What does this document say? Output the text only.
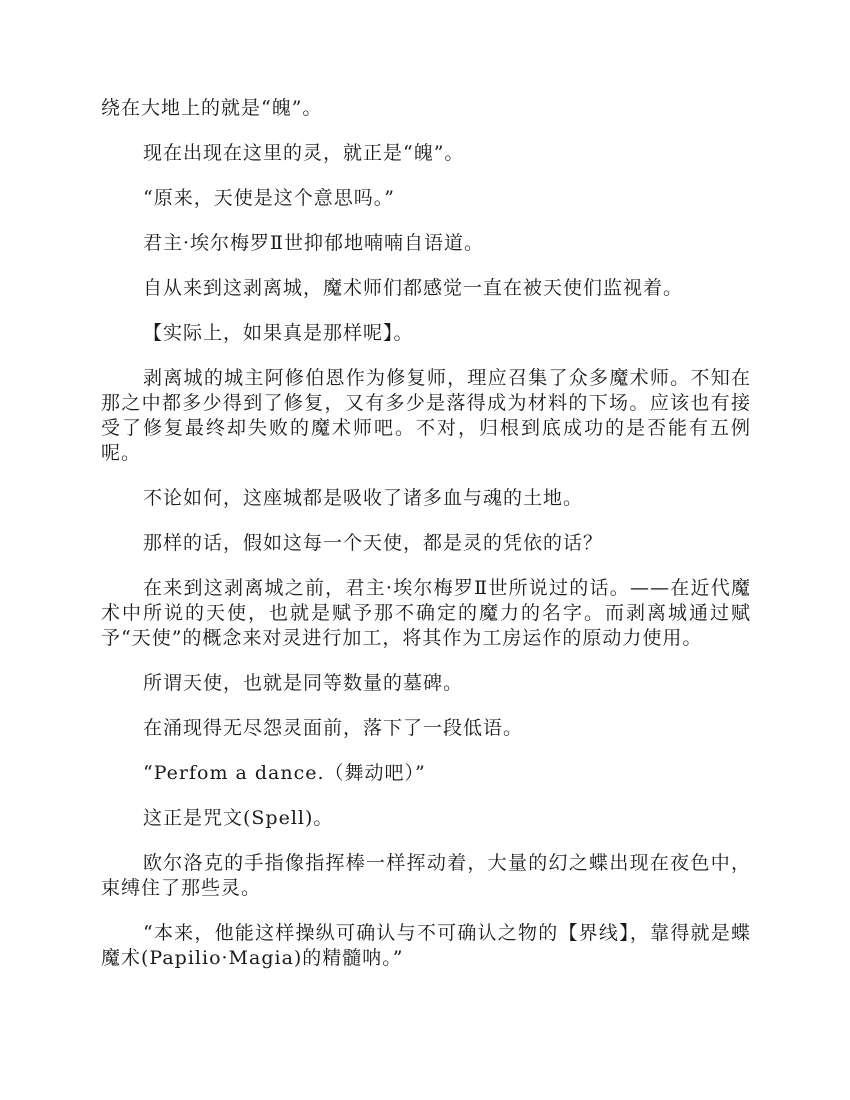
绕在大地上的就是“魄”。

现在出现在这里的灵，就正是“魄”。

“原来，天使是这个意思吗。”

君主·埃尔梅罗Ⅱ世抑郁地喃喃自语道。

自从来到这剥离城，魔术师们都感觉一直在被天使们监视着。

【实际上，如果真是那样呢】。

剥离城的城主阿修伯恩作为修复师，理应召集了众多魔术师。不知在那之中都多少得到了修复，又有多少是落得成为材料的下场。应该也有接受了修复最终却失败的魔术师吧。不对，归根到底成功的是否能有五例呢。

不论如何，这座城都是吸收了诸多血与魂的土地。

那样的话，假如这每一个天使，都是灵的凭依的话？

在来到这剥离城之前，君主·埃尔梅罗Ⅱ世所说过的话。——在近代魔术中所说的天使，也就是赋予那不确定的魔力的名字。而剥离城通过赋予“天使”的概念来对灵进行加工，将其作为工房运作的原动力使用。

所谓天使，也就是同等数量的墓碑。

在涌现得无尽怨灵面前，落下了一段低语。

“Perfom a dance.（舞动吧）”

这正是咒文(Spell)。

欧尔洛克的手指像指挥棒一样挥动着，大量的幻之蝶出现在夜色中，束缚住了那些灵。

“本来，他能这样操纵可确认与不可确认之物的【界线】，靠得就是蝶魔术(Papilio·Magia)的精髓呐。”
